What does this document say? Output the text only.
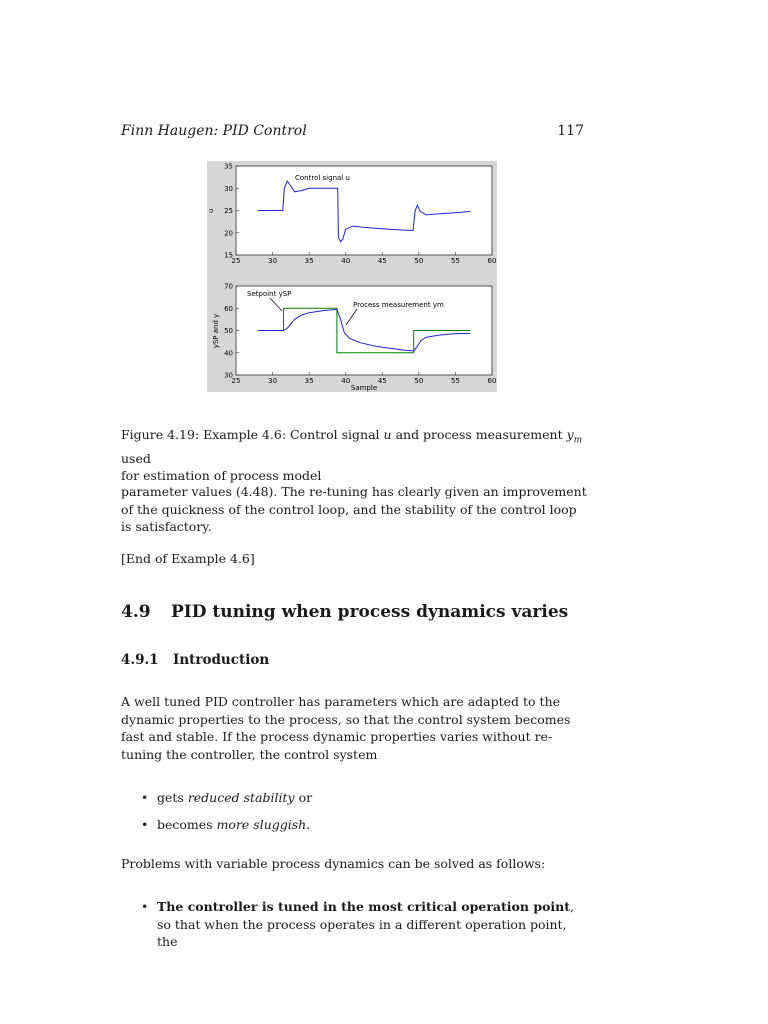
Finn Haugen: PID Control	117
u
Control signal u
25	30	35	40	45	50	55	60
15
20
25
30
35
ySP and y
Sample
25	30	35	40	45	50	55	60
30
40
50
60
70
Setpoint ySP
Process measurement ym
Figure 4.19: Example 4.6: Control signal u and process measurement $y_m$ used
for estimation of process model
parameter values (4.48). The re-tuning has clearly given an improvement of the quickness of the control loop, and the stability of the control loop is satisfactory.
[End of Example 4.6]
4.9 PID tuning when process dynamics varies
4.9.1 Introduction
A well tuned PID controller has parameters which are adapted to the dynamic properties to the process, so that the control system becomes fast and stable. If the process dynamic properties varies without re-tuning the controller, the control system
• gets reduced stability or
• becomes more sluggish.
Problems with variable process dynamics can be solved as follows:
• The controller is tuned in the most critical operation point, so that when the process operates in a different operation point, the
